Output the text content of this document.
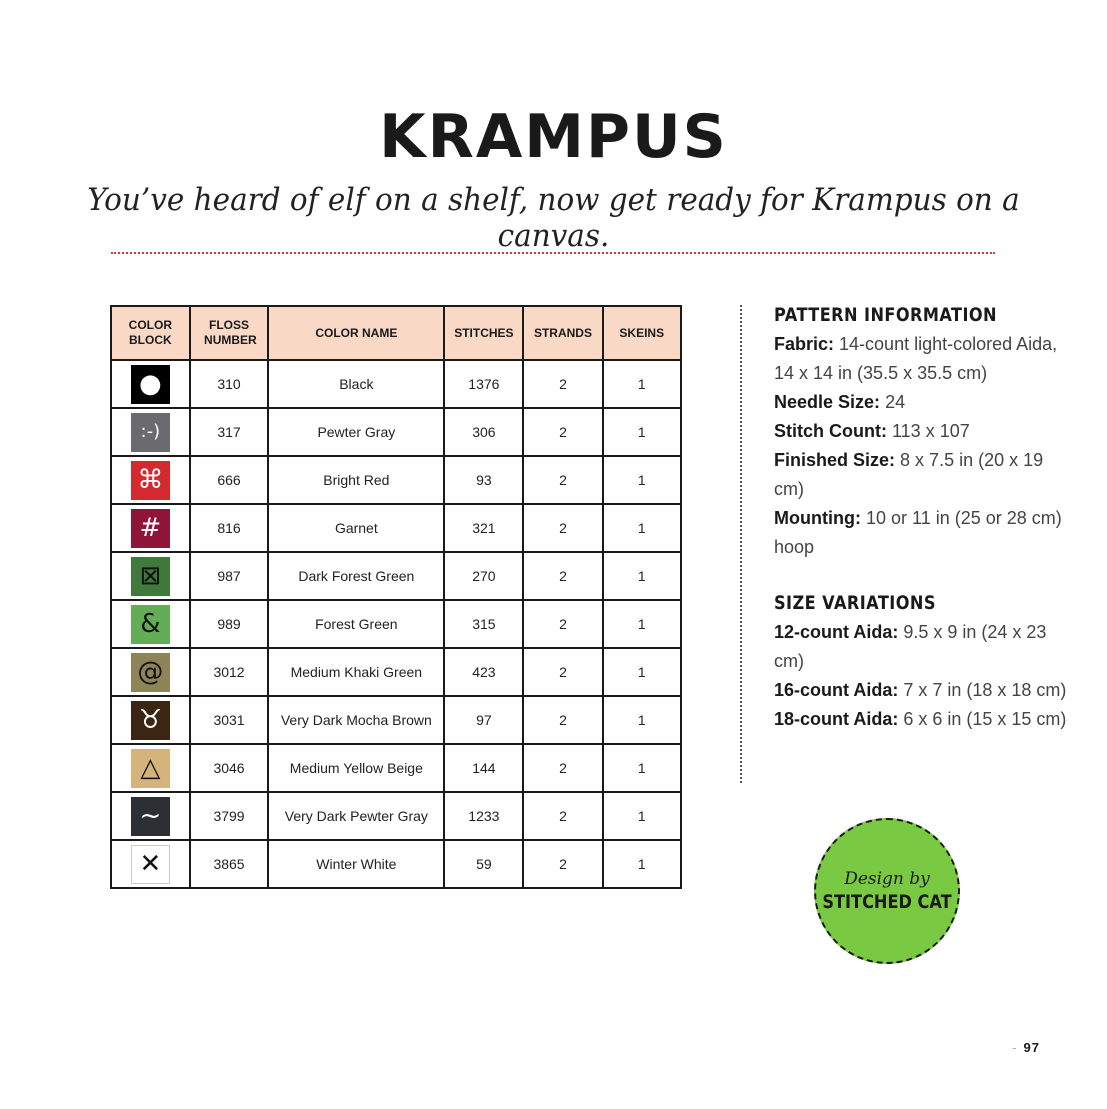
KRAMPUS

You’ve heard of elf on a shelf, now get ready for Krampus on a canvas.

COLOR BLOCK	FLOSS NUMBER	COLOR NAME	STITCHES	STRANDS	SKEINS
●	310	Black	1376	2	1
:-)	317	Pewter Gray	306	2	1
⌘	666	Bright Red	93	2	1
#	816	Garnet	321	2	1
⊠	987	Dark Forest Green	270	2	1
&	989	Forest Green	315	2	1
@	3012	Medium Khaki Green	423	2	1
♉	3031	Very Dark Mocha Brown	97	2	1
△	3046	Medium Yellow Beige	144	2	1
~	3799	Very Dark Pewter Gray	1233	2	1
✕	3865	Winter White	59	2	1
PATTERN INFORMATION

Fabric: 14-count light-colored Aida, 14 x 14 in (35.5 x 35.5 cm)

Needle Size: 24

Stitch Count: 113 x 107

Finished Size: 8 x 7.5 in (20 x 19 cm)

Mounting: 10 or 11 in (25 or 28 cm) hoop

SIZE VARIATIONS

12-count Aida: 9.5 x 9 in (24 x 23 cm)

16-count Aida: 7 x 7 in (18 x 18 cm)

18-count Aida: 6 x 6 in (15 x 15 cm)

Design by
STITCHED CAT
- 97
